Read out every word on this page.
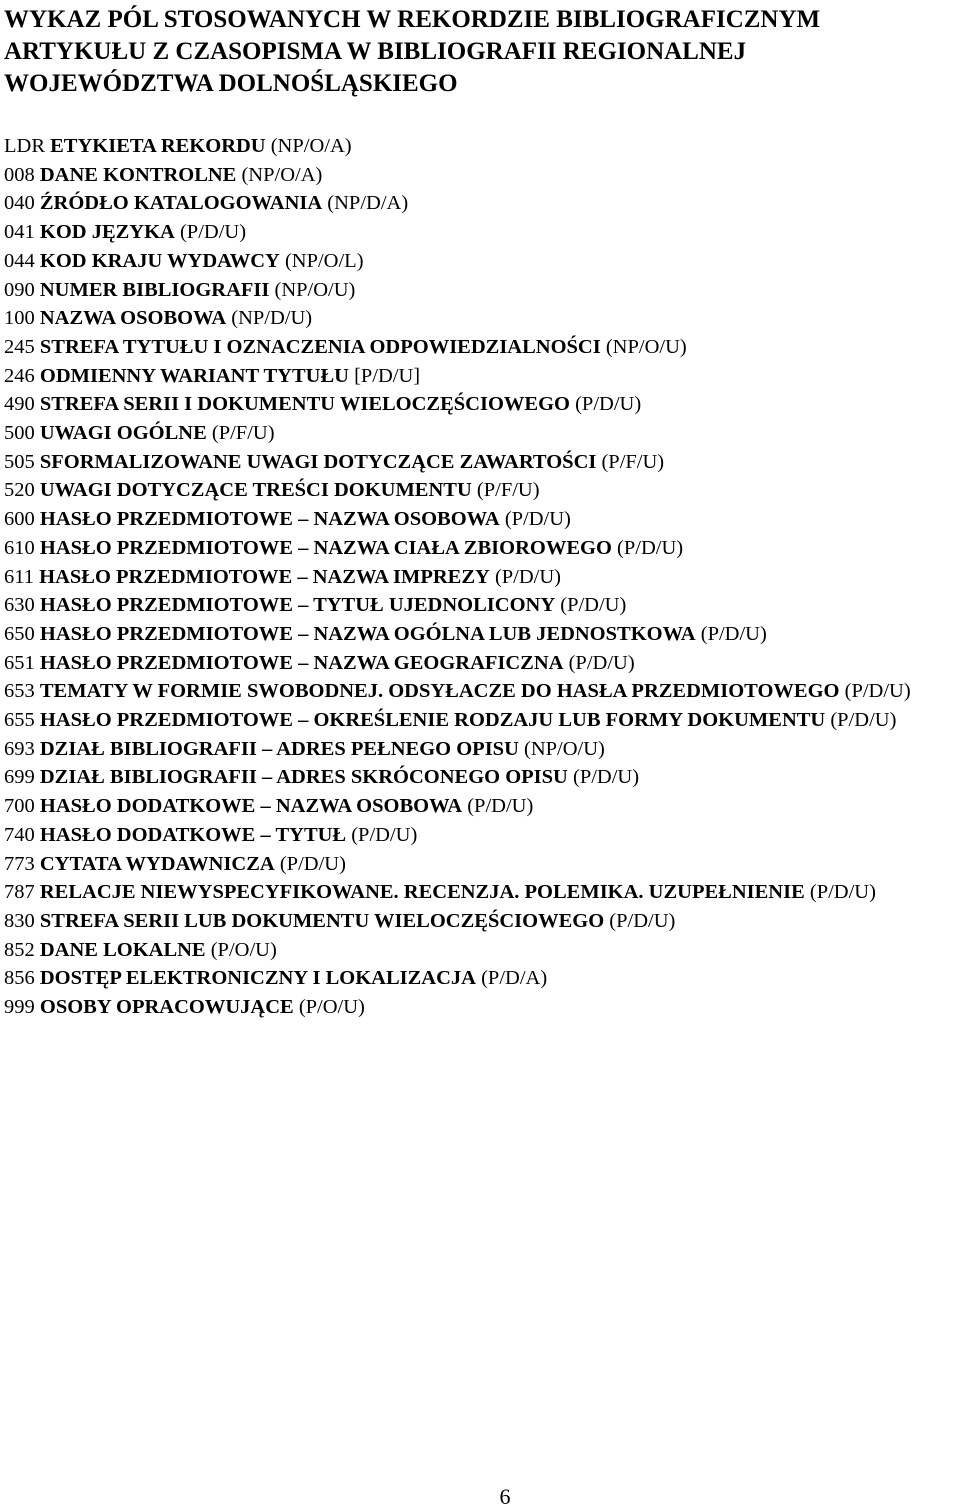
WYKAZ PÓL STOSOWANYCH W REKORDZIE BIBLIOGRAFICZNYM
ARTYKUŁU Z CZASOPISMA W BIBLIOGRAFII REGIONALNEJ
WOJEWÓDZTWA DOLNOŚLĄSKIEGO
LDR ETYKIETA REKORDU (NP/O/A)
008 DANE KONTROLNE (NP/O/A)
040 ŹRÓDŁO KATALOGOWANIA (NP/D/A)
041 KOD JĘZYKA (P/D/U)
044 KOD KRAJU WYDAWCY (NP/O/L)
090 NUMER BIBLIOGRAFII (NP/O/U)
100 NAZWA OSOBOWA (NP/D/U)
245 STREFA TYTUŁU I OZNACZENIA ODPOWIEDZIALNOŚCI (NP/O/U)
246 ODMIENNY WARIANT TYTUŁU [P/D/U]
490 STREFA SERII I DOKUMENTU WIELOCZĘŚCIOWEGO (P/D/U)
500 UWAGI OGÓLNE (P/F/U)
505 SFORMALIZOWANE UWAGI DOTYCZĄCE ZAWARTOŚCI (P/F/U)
520 UWAGI DOTYCZĄCE TREŚCI DOKUMENTU (P/F/U)
600 HASŁO PRZEDMIOTOWE – NAZWA OSOBOWA (P/D/U)
610 HASŁO PRZEDMIOTOWE – NAZWA CIAŁA ZBIOROWEGO (P/D/U)
611 HASŁO PRZEDMIOTOWE – NAZWA IMPREZY (P/D/U)
630 HASŁO PRZEDMIOTOWE – TYTUŁ UJEDNOLICONY (P/D/U)
650 HASŁO PRZEDMIOTOWE – NAZWA OGÓLNA LUB JEDNOSTKOWA (P/D/U)
651 HASŁO PRZEDMIOTOWE – NAZWA GEOGRAFICZNA (P/D/U)
653 TEMATY W FORMIE SWOBODNEJ. ODSYŁACZE DO HASŁA PRZEDMIOTOWEGO (P/D/U)
655 HASŁO PRZEDMIOTOWE – OKREŚLENIE RODZAJU LUB FORMY DOKUMENTU (P/D/U)
693 DZIAŁ BIBLIOGRAFII – ADRES PEŁNEGO OPISU (NP/O/U)
699 DZIAŁ BIBLIOGRAFII – ADRES SKRÓCONEGO OPISU (P/D/U)
700 HASŁO DODATKOWE – NAZWA OSOBOWA (P/D/U)
740 HASŁO DODATKOWE – TYTUŁ (P/D/U)
773 CYTATA WYDAWNICZA (P/D/U)
787 RELACJE NIEWYSPECYFIKOWANE. RECENZJA. POLEMIKA. UZUPEŁNIENIE (P/D/U)
830 STREFA SERII LUB DOKUMENTU WIELOCZĘŚCIOWEGO (P/D/U)
852 DANE LOKALNE (P/O/U)
856 DOSTĘP ELEKTRONICZNY I LOKALIZACJA (P/D/A)
999 OSOBY OPRACOWUJĄCE (P/O/U)
6
